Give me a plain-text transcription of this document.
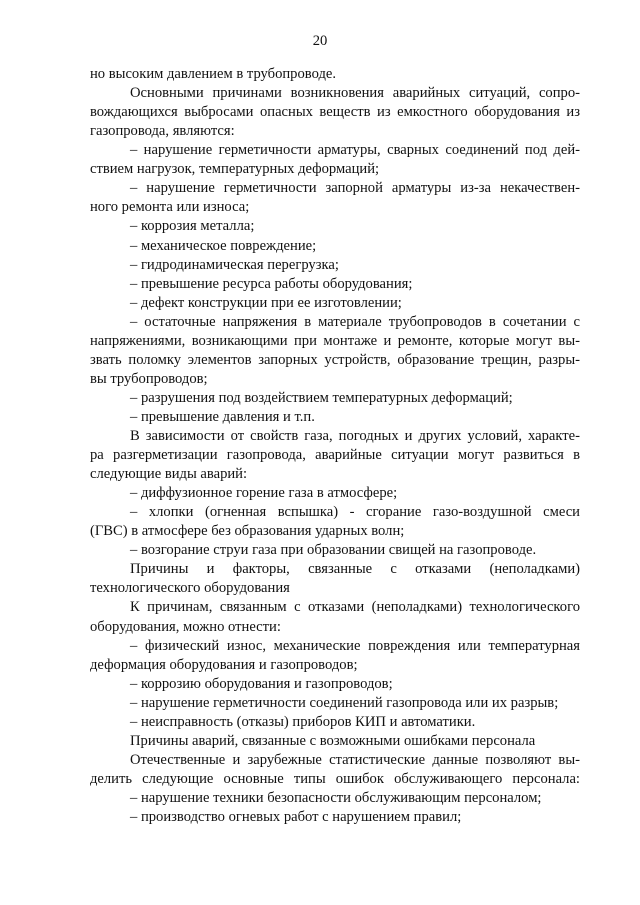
20
но высоким давлением в трубопроводе.
Основными причинами возникновения аварийных ситуаций, сопро-
вождающихся выбросами опасных веществ из емкостного оборудования из
газопровода, являются:
– нарушение герметичности арматуры, сварных соединений под дей-
ствием нагрузок, температурных деформаций;
– нарушение герметичности запорной арматуры из-за некачествен-
ного ремонта или износа;
– коррозия металла;
– механическое повреждение;
– гидродинамическая перегрузка;
– превышение ресурса работы оборудования;
– дефект конструкции при ее изготовлении;
– остаточные напряжения в материале трубопроводов в сочетании с
напряжениями, возникающими при монтаже и ремонте, которые могут вы-
звать поломку элементов запорных устройств, образование трещин, разры-
вы трубопроводов;
– разрушения под воздействием температурных деформаций;
– превышение давления и т.п.
В зависимости от свойств газа, погодных и других условий, характе-
ра разгерметизации газопровода, аварийные ситуации могут развиться в
следующие виды аварий:
– диффузионное горение газа в атмосфере;
– хлопки (огненная вспышка) - сгорание газо-воздушной смеси
(ГВС) в атмосфере без образования ударных волн;
– возгорание струи газа при образовании свищей на газопроводе.
Причины и факторы, связанные с отказами (неполадками)
технологического оборудования
К причинам, связанным с отказами (неполадками) технологического
оборудования, можно отнести:
– физический износ, механические повреждения или температурная
деформация оборудования и газопроводов;
– коррозию оборудования и газопроводов;
– нарушение герметичности соединений газопровода или их разрыв;
– неисправность (отказы) приборов КИП и автоматики.
Причины аварий, связанные с возможными ошибками персонала
Отечественные и зарубежные статистические данные позволяют вы-
делить следующие основные типы ошибок обслуживающего персонала:
– нарушение техники безопасности обслуживающим персоналом;
– производство огневых работ с нарушением правил;
